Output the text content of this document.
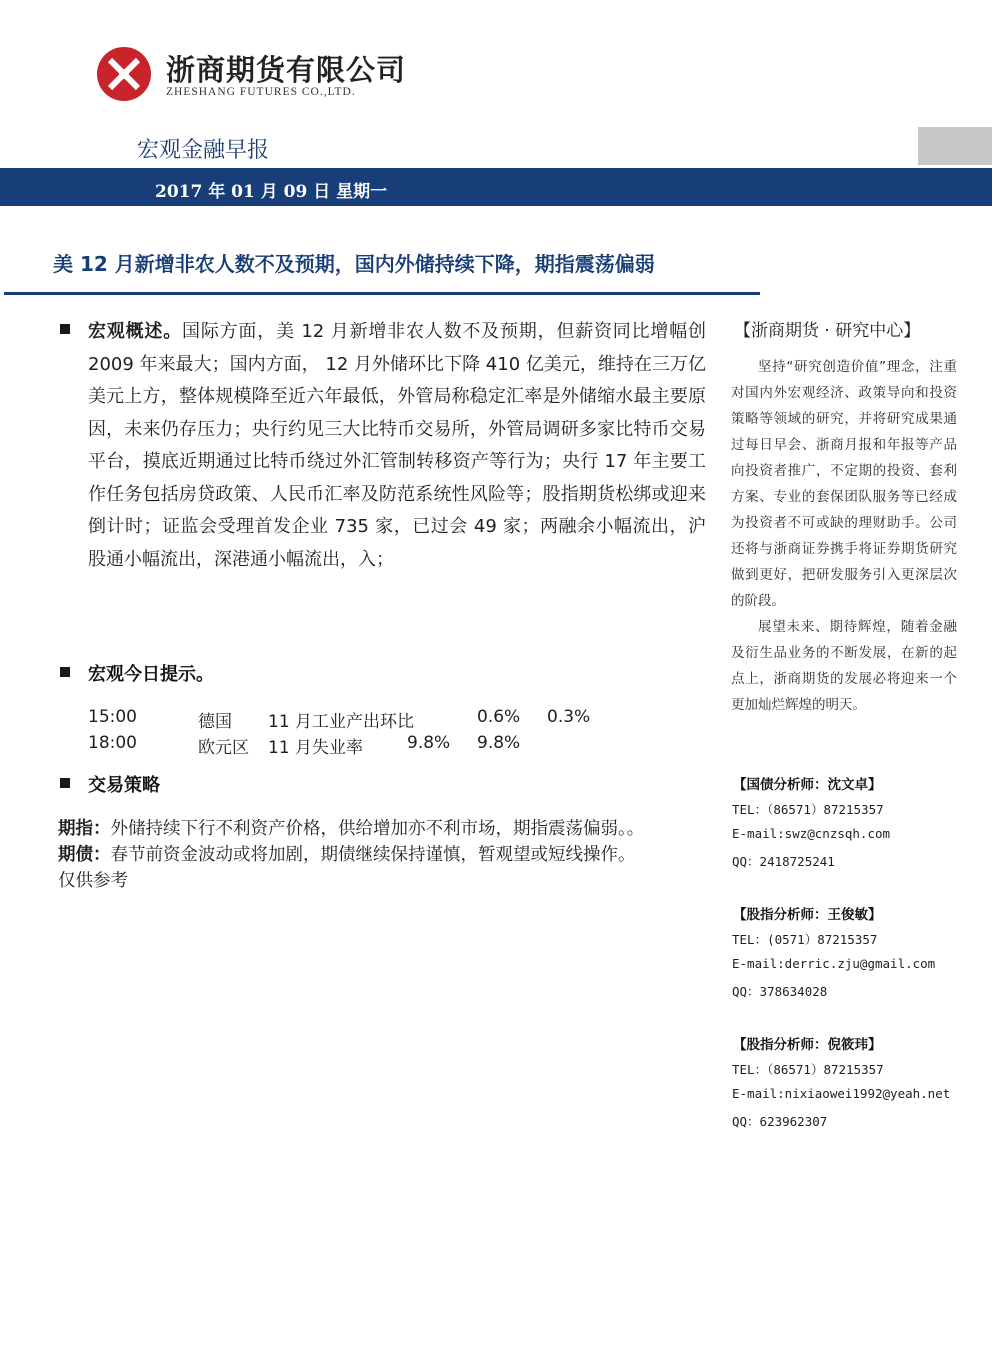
浙商期货有限公司
ZHESHANG FUTURES CO.,LTD.
宏观金融早报
2017 年 01 月 09 日 星期一
美 12 月新增非农人数不及预期，国内外储持续下降，期指震荡偏弱
宏观概述。国际方面，美 12 月新增非农人数不及预期，但薪资同比增幅创 2009 年来最大；国内方面， 12 月外储环比下降 410 亿美元，维持在三万亿美元上方，整体规模降至近六年最低，外管局称稳定汇率是外储缩水最主要原因，未来仍存压力；央行约见三大比特币交易所，外管局调研多家比特币交易平台，摸底近期通过比特币绕过外汇管制转移资产等行为；央行 17 年主要工作任务包括房贷政策、人民币汇率及防范系统性风险等；股指期货松绑或迎来倒计时；证监会受理首发企业 735 家，已过会 49 家；两融余小幅流出，沪股通小幅流出，深港通小幅流出，入；
宏观今日提示。
15:00	德国 11 月工业产出环比	0.6% 0.3%
18:00	欧元区 11 月失业率	9.8% 9.8%
交易策略
期指：外储持续下行不利资产价格，供给增加亦不利市场，期指震荡偏弱。。
期债：春节前资金波动或将加剧，期债继续保持谨慎，暂观望或短线操作。
仅供参考
【浙商期货 · 研究中心】
坚持“研究创造价值”理念，注重对国内外宏观经济、政策导向和投资策略等领域的研究，并将研究成果通过每日早会、浙商月报和年报等产品向投资者推广，不定期的投资、套利方案、专业的套保团队服务等已经成为投资者不可或缺的理财助手。公司还将与浙商证券携手将证券期货研究做到更好，把研发服务引入更深层次的阶段。
展望未来、期待辉煌，随着金融及衍生品业务的不断发展，在新的起点上，浙商期货的发展必将迎来一个更加灿烂辉煌的明天。
【国债分析师：沈文卓】
TEL：（86571）87215357
E-mail:swz@cnzsqh.com
QQ：2418725241
【股指分析师：王俊敏】
TEL：(0571）87215357
E-mail:derric.zju@gmail.com
QQ：378634028
【股指分析师：倪筱玮】
TEL：（86571）87215357
E-mail:nixiaowei1992@yeah.net
QQ：623962307
